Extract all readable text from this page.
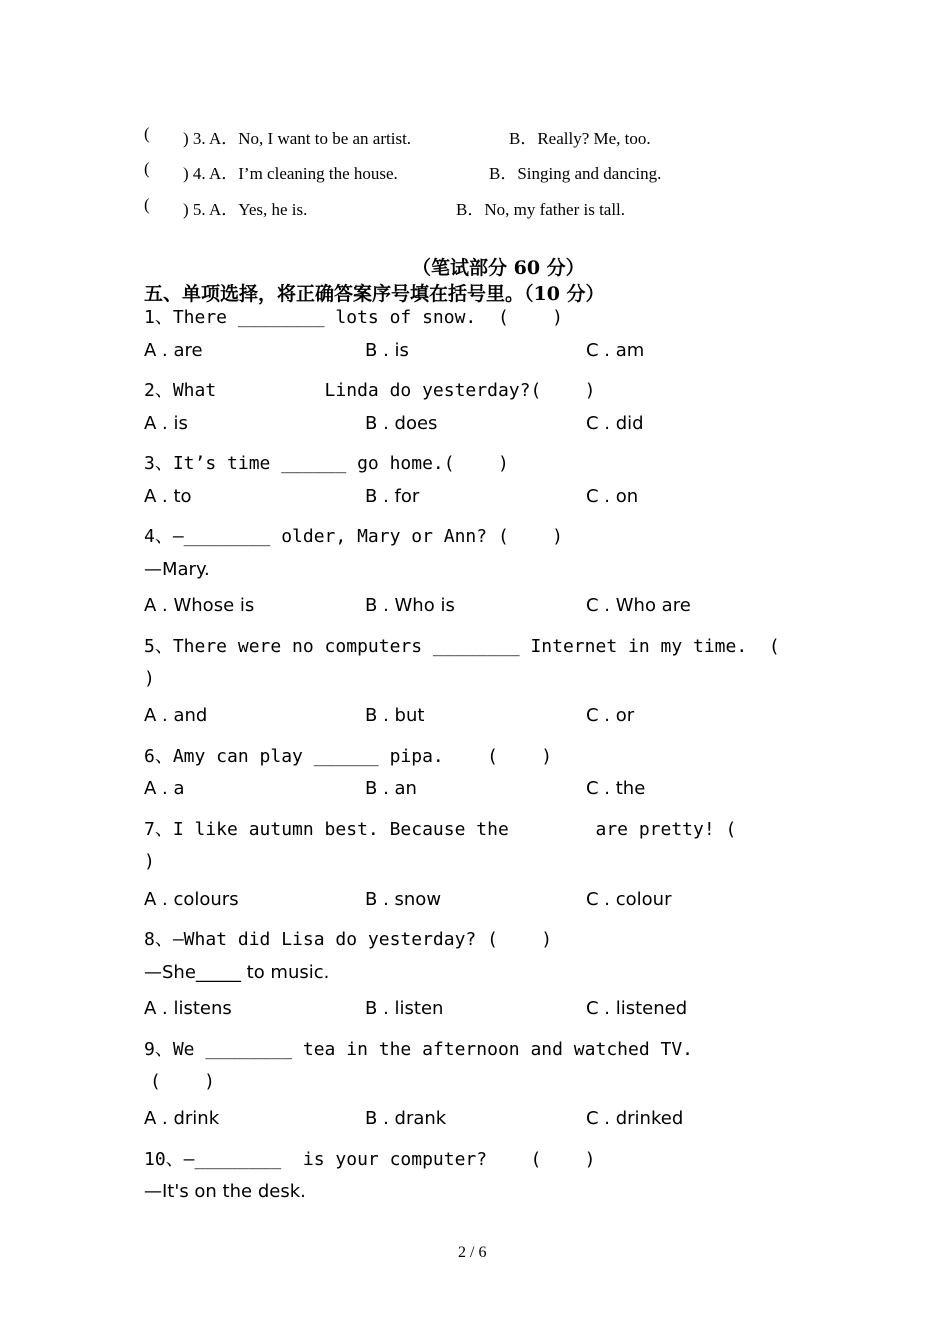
( ) 3. A．No, I want to be an artist.	B．Really? Me, too.
( ) 4. A．I’m cleaning the house.	B．Singing and dancing.
( ) 5. A．Yes, he is.	B．No, my father is tall.
（笔试部分 60 分）
五、单项选择，将正确答案序号填在括号里。（10 分）
1、There ________ lots of snow.  (    )
A . are	B . is	C . am
2、What          Linda do yesterday?(    )
A . is	B . does	C . did
3、It’s time ______ go home.(    )
A . to	B . for	C . on
4、—________ older, Mary or Ann? (    )
—Mary.
A . Whose is	B . Who is	C . Who are
5、There were no computers ________ Internet in my time.  (
)
A . and	B . but	C . or
6、Amy can play ______ pipa.    (    )
A . a	B . an	C . the
7、I like autumn best. Because the        are pretty! (
)
A . colours	B . snow	C . colour
8、—What did Lisa do yesterday? (    )
—She_____ to music.
A . listens	B . listen	C . listened
9、We ________ tea in the afternoon and watched TV.
(    )
A . drink	B . drank	C . drinked
10、—________  is your computer?    (    )
—It's on the desk.
2 / 6
